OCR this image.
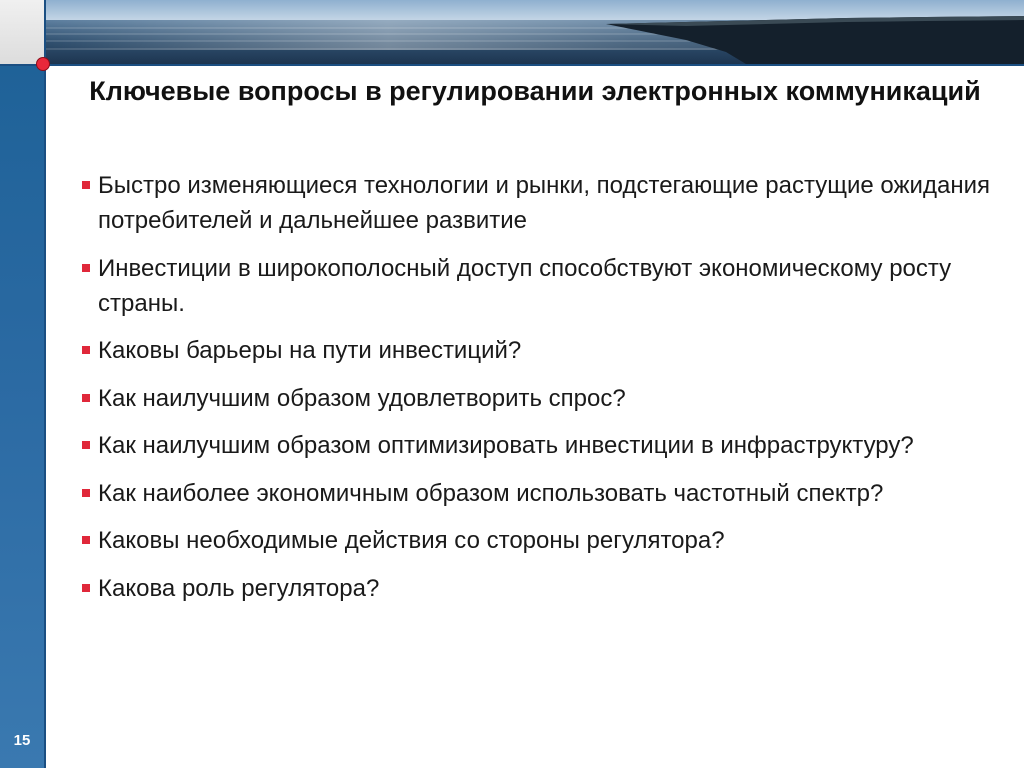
Ключевые вопросы в регулировании электронных коммуникаций
Быстро изменяющиеся технологии и рынки, подстегающие растущие ожидания потребителей и дальнейшее развитие
Инвестиции в широкополосный доступ способствуют экономическому росту страны.
Каковы барьеры на пути инвестиций?
Как наилучшим образом удовлетворить спрос?
Как наилучшим образом оптимизировать инвестиции в инфраструктуру?
Как наиболее экономичным образом использовать частотный спектр?
Каковы необходимые действия со стороны регулятора?
Какова роль регулятора?
15
